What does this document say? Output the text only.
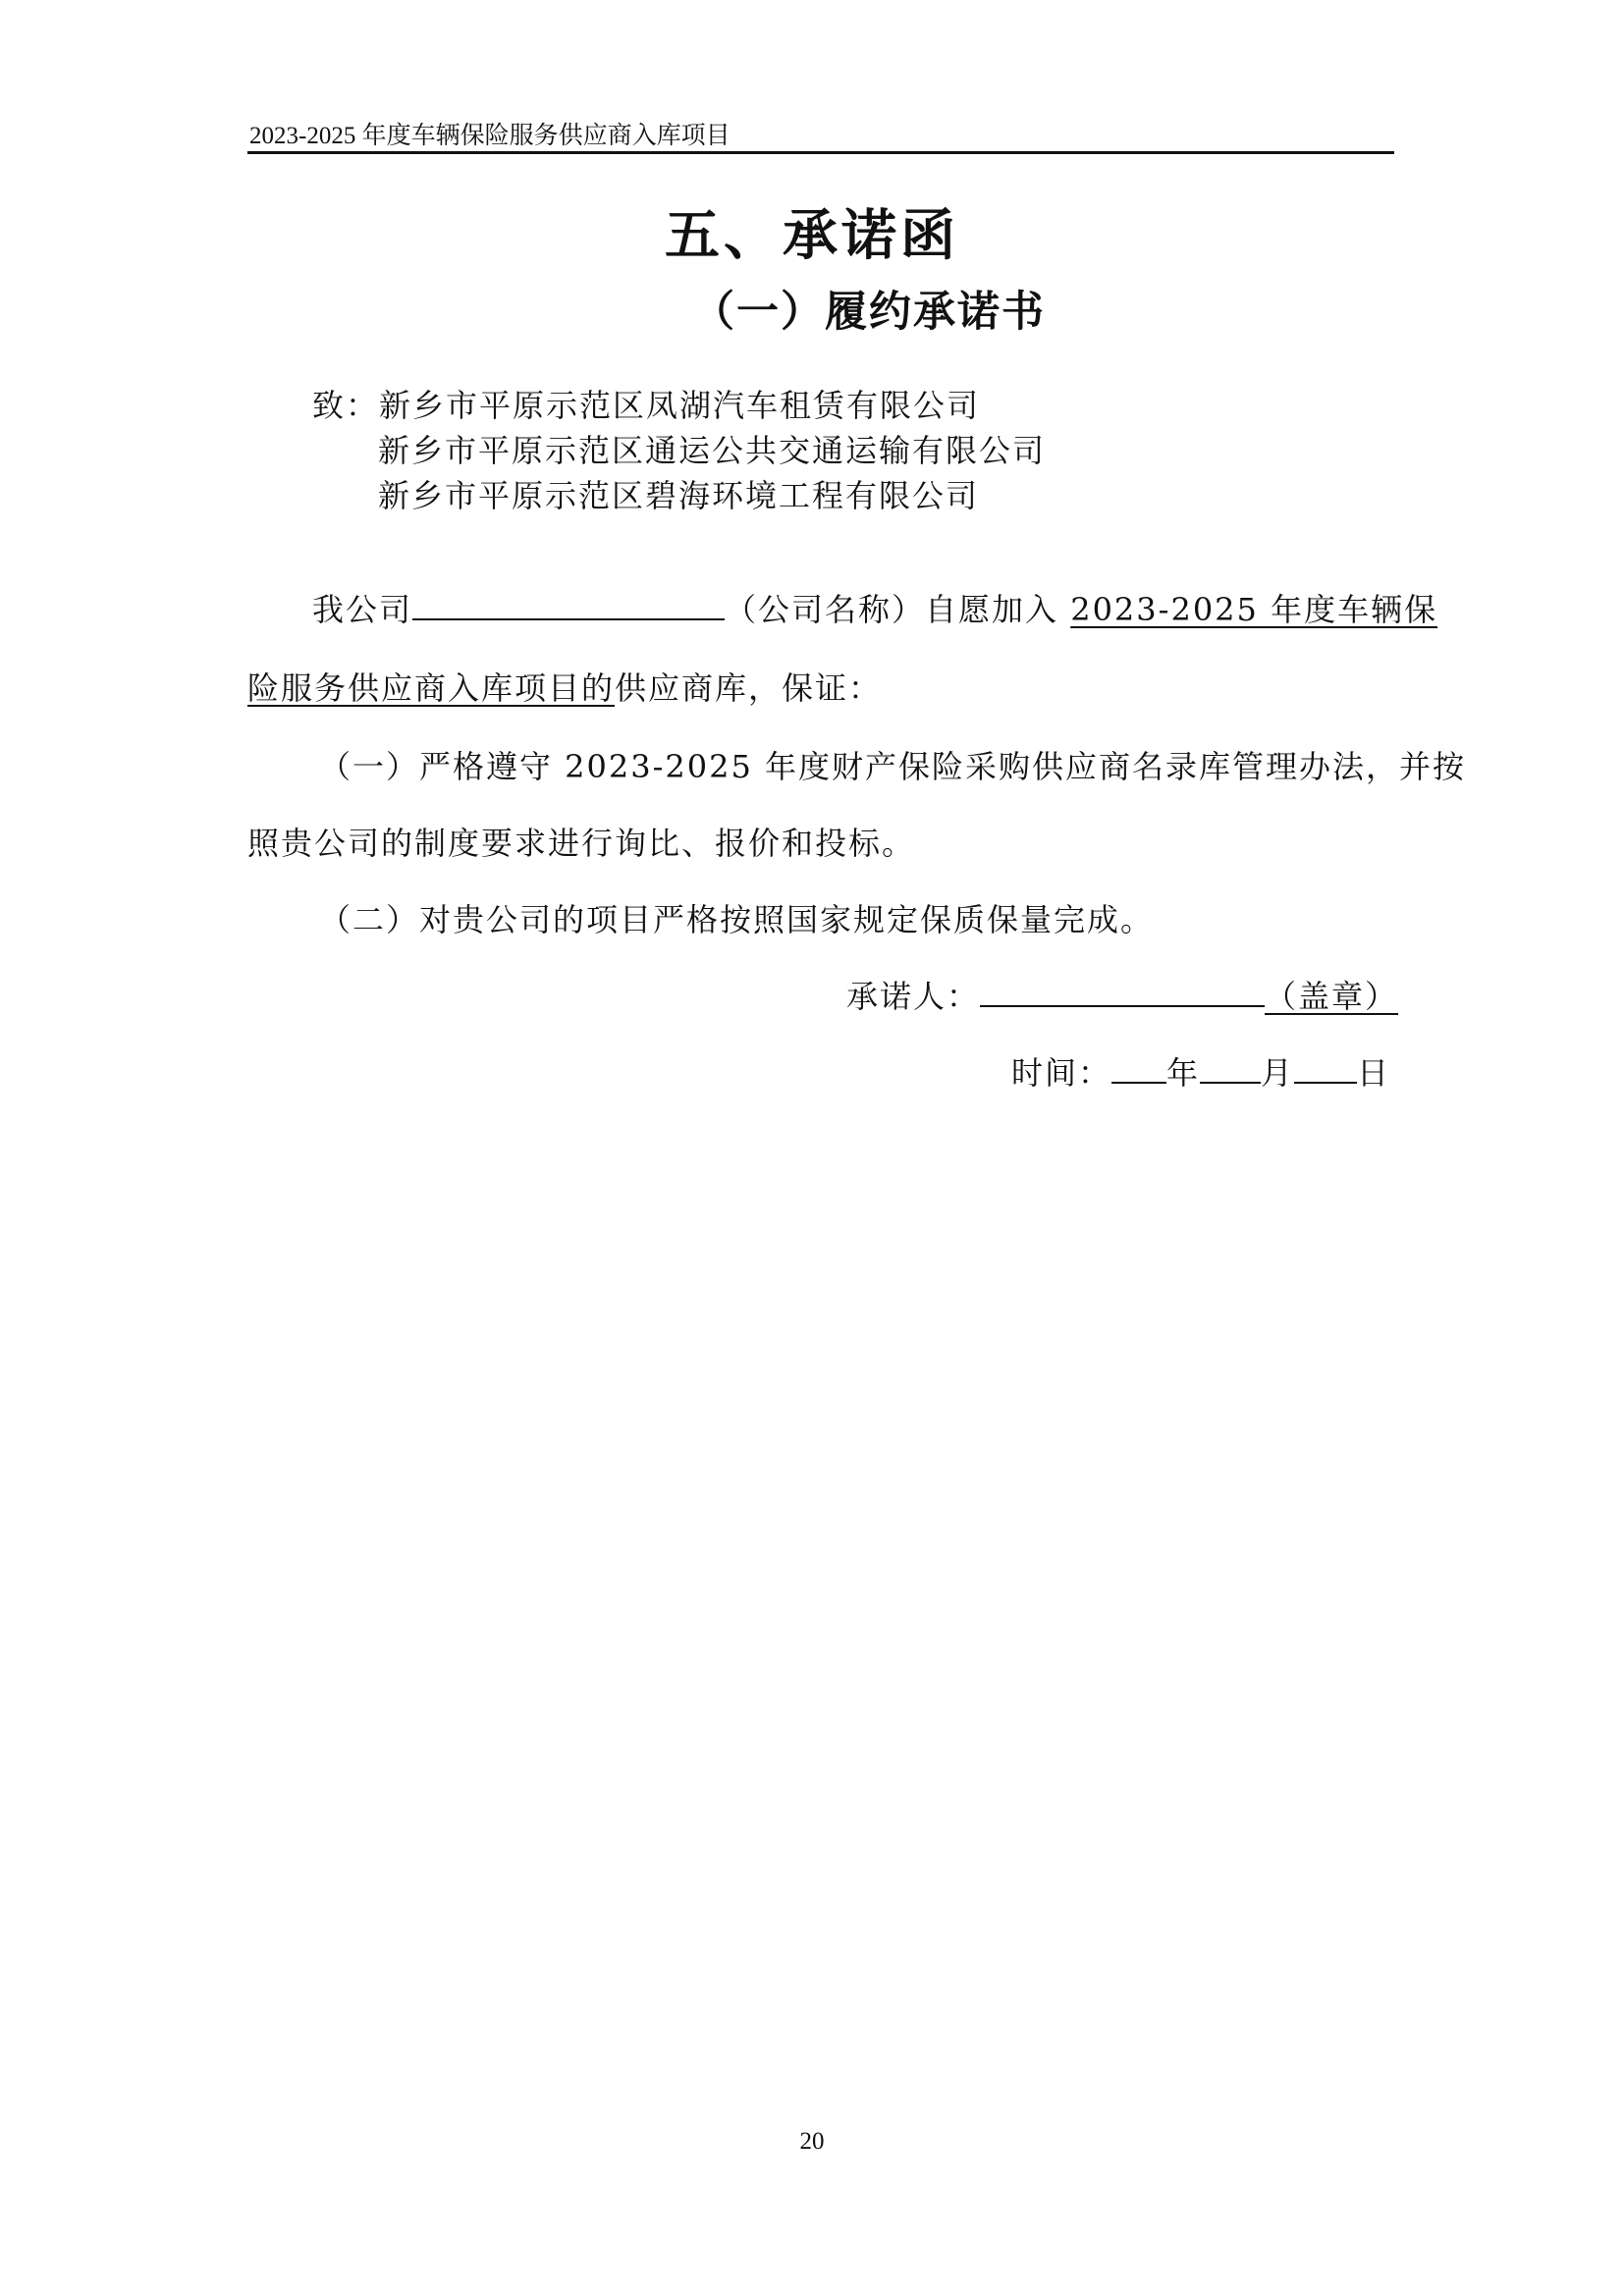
2023-2025 年度车辆保险服务供应商入库项目
五、承诺函
（一）履约承诺书
致：新乡市平原示范区凤湖汽车租赁有限公司
新乡市平原示范区通运公共交通运输有限公司
新乡市平原示范区碧海环境工程有限公司
我公司	（公司名称）自愿加入 2023-2025 年度车辆保
险服务供应商入库项目的供应商库，保证：
（一）严格遵守 2023-2025 年度财产保险采购供应商名录库管理办法，并按
照贵公司的制度要求进行询比、报价和投标。
（二）对贵公司的项目严格按照国家规定保质保量完成。
承诺人：	（盖章）
时间： 年 月 日
20
